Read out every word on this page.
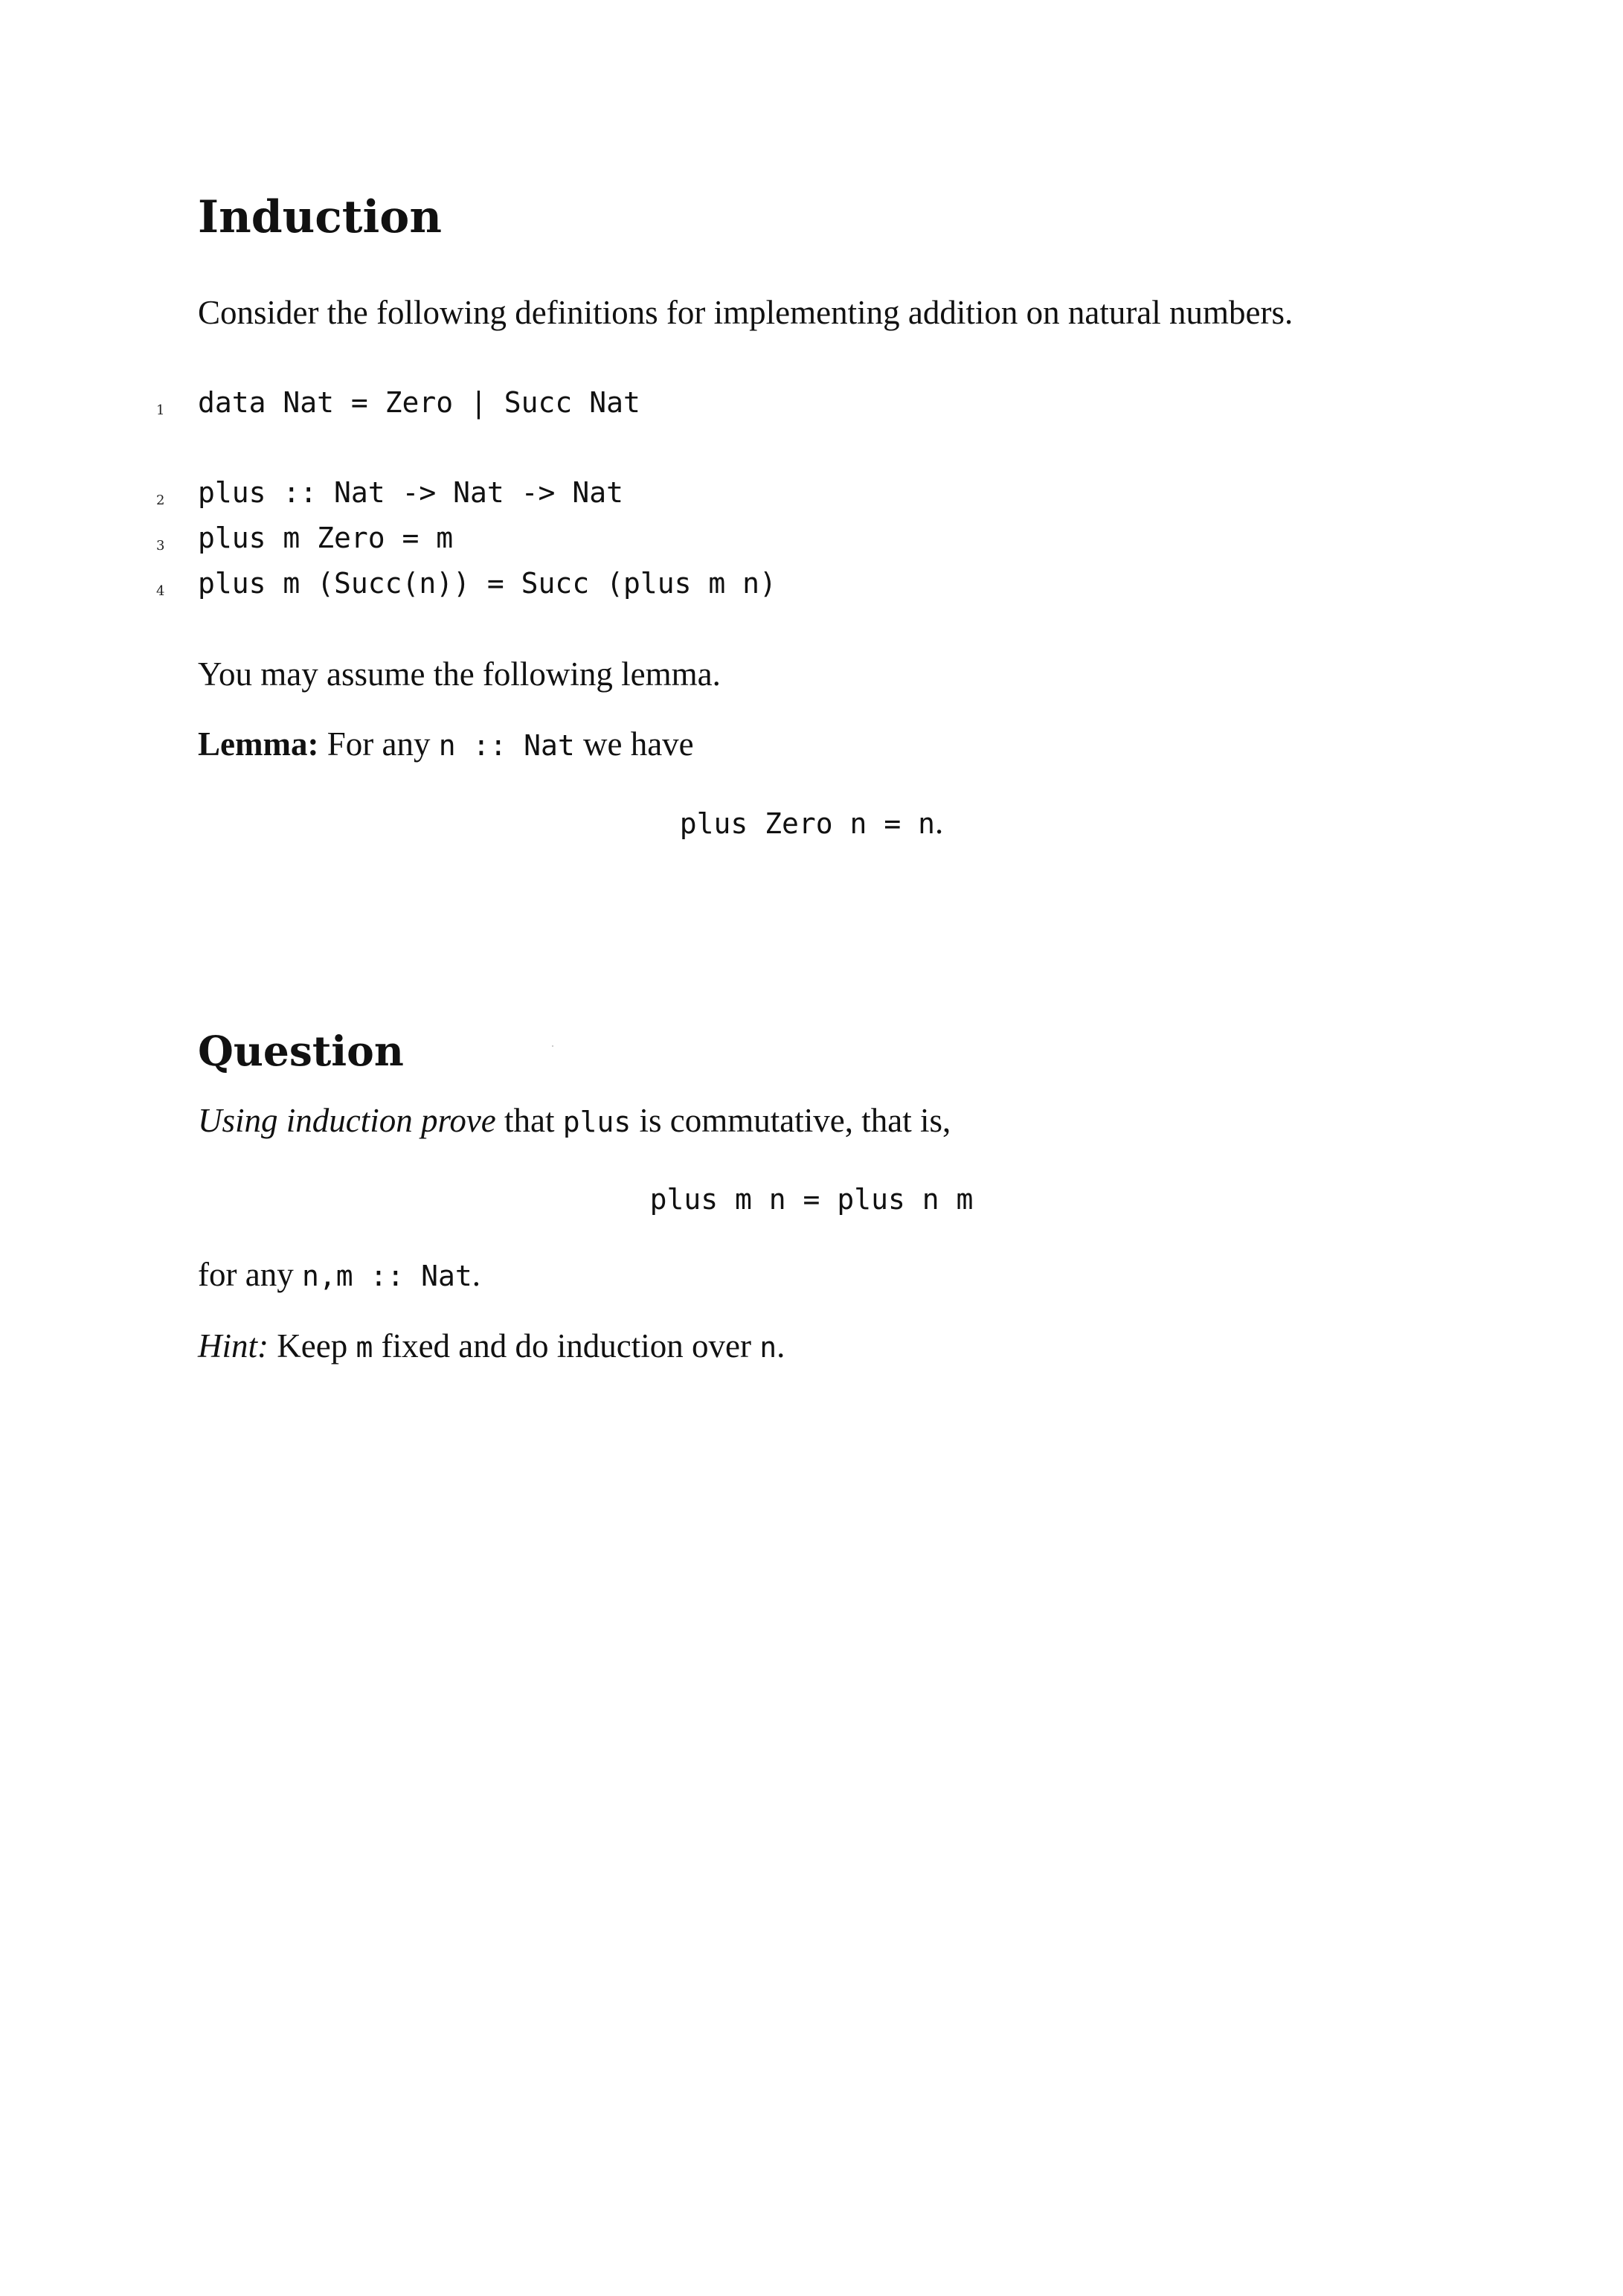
Induction
Consider the following definitions for implementing addition on natural numbers.
1 data Nat = Zero | Succ Nat
2 plus :: Nat -> Nat -> Nat
3 plus m Zero = m
4 plus m (Succ(n)) = Succ (plus m n)
You may assume the following lemma.
Lemma: For any n :: Nat we have
plus Zero n = n.
Question
Using induction prove that plus is commutative, that is,
plus m n = plus n m
for any n,m :: Nat.
Hint: Keep m fixed and do induction over n.
